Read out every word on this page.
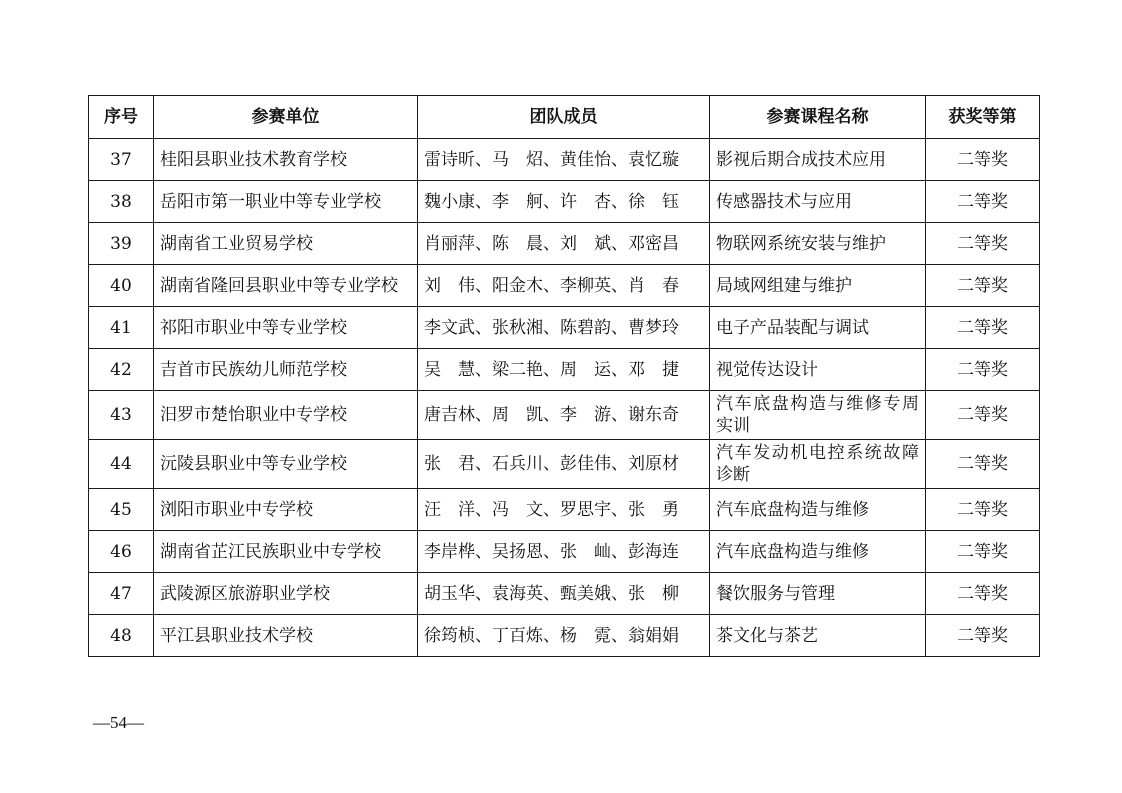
序号	参赛单位	团队成员	参赛课程名称	获奖等第
37	桂阳县职业技术教育学校	雷诗昕、马　炤、黄佳怡、袁忆璇	影视后期合成技术应用	二等奖
38	岳阳市第一职业中等专业学校	魏小康、李　舸、许　杏、徐　钰	传感器技术与应用	二等奖
39	湖南省工业贸易学校	肖丽萍、陈　晨、刘　斌、邓密昌	物联网系统安装与维护	二等奖
40	湖南省隆回县职业中等专业学校	刘　伟、阳金木、李柳英、肖　春	局域网组建与维护	二等奖
41	祁阳市职业中等专业学校	李文武、张秋湘、陈碧韵、曹梦玲	电子产品装配与调试	二等奖
42	吉首市民族幼儿师范学校	吴　慧、梁二艳、周　运、邓　捷	视觉传达设计	二等奖
43	汨罗市楚怡职业中专学校	唐吉林、周　凯、李　游、谢东奇	汽车底盘构造与维修专周实训	二等奖
44	沅陵县职业中等专业学校	张　君、石兵川、彭佳伟、刘原材	汽车发动机电控系统故障诊断	二等奖
45	浏阳市职业中专学校	汪　洋、冯　文、罗思宇、张　勇	汽车底盘构造与维修	二等奖
46	湖南省芷江民族职业中专学校	李岸桦、吴扬恩、张　屾、彭海连	汽车底盘构造与维修	二等奖
47	武陵源区旅游职业学校	胡玉华、袁海英、甄美娥、张　柳	餐饮服务与管理	二等奖
48	平江县职业技术学校	徐筠桢、丁百炼、杨　霓、翁娟娟	茶文化与茶艺	二等奖
—54—
